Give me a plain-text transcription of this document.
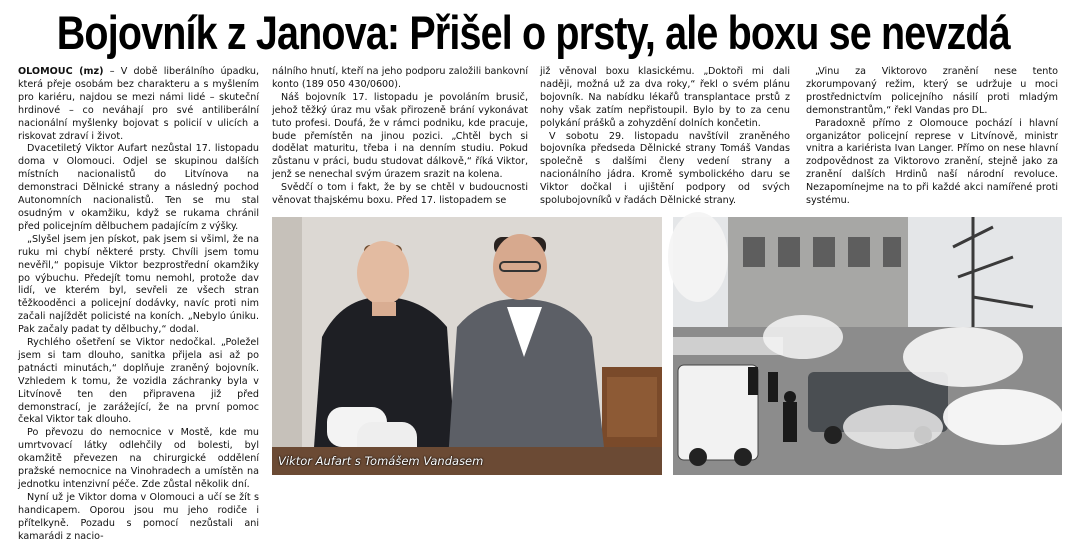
Bojovník z Janova: Přišel o prsty, ale boxu se nevzdá

OLOMOUC (mz) – V době liberálního úpadku, která přeje osobám bez charakteru a s myšlením pro kariéru, najdou se mezi námi lidé – skuteční hrdinové – co neváhají pro své antiliberální nacionální myšlenky bojovat s policií v ulicích a riskovat zdraví i život.

Dvacetiletý Viktor Aufart nezůstal 17. listopadu doma v Olomouci. Odjel se skupinou dalších místních nacionalistů do Litvínova na demonstraci Dělnické strany a následný pochod Autonomních nacionalistů. Ten se mu stal osudným v okamžiku, když se rukama chránil před policejním dělbuchem padajícím z výšky.

„Slyšel jsem jen pískot, pak jsem si všiml, že na ruku mi chybí některé prsty. Chvíli jsem tomu nevěřil,“ popisuje Viktor bezprostřední okamžiky po výbuchu. Předejít tomu nemohl, protože dav lidí, ve kterém byl, sevřeli ze všech stran těžkooděnci a policejní dodávky, navíc proti nim začali najíždět policisté na koních. „Nebylo úniku. Pak začaly padat ty dělbuchy,“ dodal.

Rychlého ošetření se Viktor nedočkal. „Poležel jsem si tam dlouho, sanitka přijela asi až po patnácti minutách,“ doplňuje zraněný bojovník. Vzhledem k tomu, že vozidla záchranky byla v Litvínově ten den připravena již před demonstrací, je zarážející, že na první pomoc čekal Viktor tak dlouho.

Po převozu do nemocnice v Mostě, kde mu umrtvovací látky odlehčily od bolesti, byl okamžitě převezen na chirurgické oddělení pražské nemocnice na Vinohradech a umístěn na jednotku intenzivní péče. Zde zůstal několik dní.

Nyní už je Viktor doma v Olomouci a učí se žít s handicapem. Oporou jsou mu jeho rodiče i přítelkyně. Pozadu s pomocí nezůstali ani kamarádi z nacio-

nálního hnutí, kteří na jeho podporu založili bankovní konto (189 050 430/0600).

Náš bojovník 17. listopadu je povoláním brusič, jehož těžký úraz mu však přirozeně brání vykonávat tuto profesi. Doufá, že v rámci podniku, kde pracuje, bude přemístěn na jinou pozici. „Chtěl bych si dodělat maturitu, třeba i na denním studiu. Pokud zůstanu v práci, budu studovat dálkově,“ říká Viktor, jenž se nenechal svým úrazem srazit na kolena.

Svědčí o tom i fakt, že by se chtěl v budoucnosti věnovat thajskému boxu. Před 17. listopadem se

již věnoval boxu klasickému. „Doktoři mi dali naději, možná už za dva roky,“ řekl o svém plánu bojovník. Na nabídku lékařů transplantace prstů z nohy však zatím nepřistoupil. Bylo by to za cenu polykání prášků a zohyzdění dolních končetin.

V sobotu 29. listopadu navštívil zraněného bojovníka předseda Dělnické strany Tomáš Vandas společně s dalšími členy vedení strany a nacionálního jádra. Kromě symbolického daru se Viktor dočkal i ujištění podpory od svých spolubojovníků v řadách Dělnické strany.

„Vinu za Viktorovo zranění nese tento zkorumpovaný režim, který se udržuje u moci prostřednictvím policejního násilí proti mladým demonstrantům,“ řekl Vandas pro DL.

Paradoxně přímo z Olomouce pochází i hlavní organizátor policejní represe v Litvínově, ministr vnitra a kariérista Ivan Langer. Přímo on nese hlavní zodpovědnost za Viktorovo zranění, stejně jako za zranění dalších Hrdinů naší národní revoluce. Nezapomínejme na to při každé akci namířené proti systému.

Viktor Aufart s Tomášem Vandasem
